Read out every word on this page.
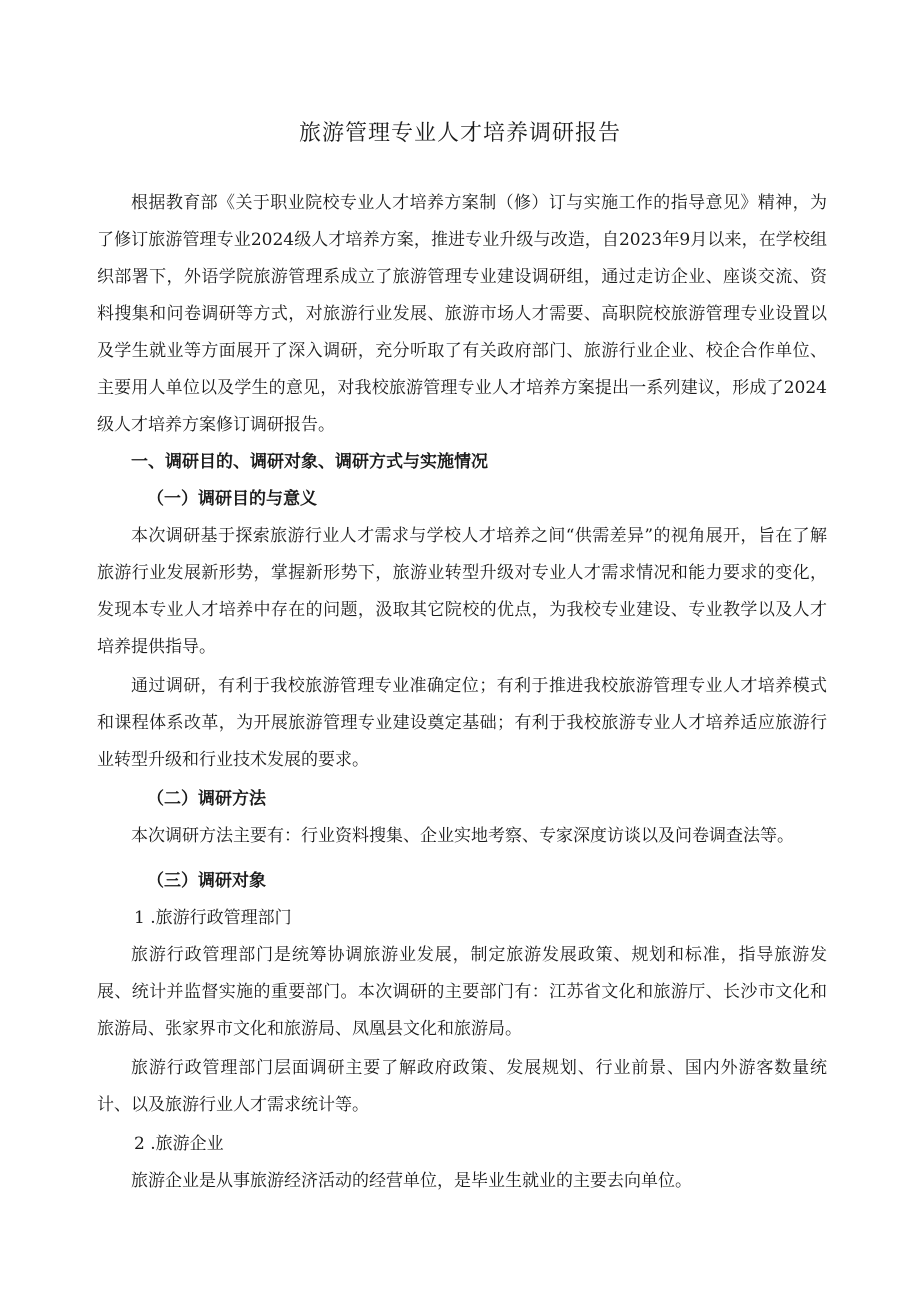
旅游管理专业人才培养调研报告

根据教育部《关于职业院校专业人才培养方案制（修）订与实施工作的指导意见》精神，为了修订旅游管理专业2024级人才培养方案，推进专业升级与改造，自2023年9月以来，在学校组织部署下，外语学院旅游管理系成立了旅游管理专业建设调研组，通过走访企业、座谈交流、资料搜集和问卷调研等方式，对旅游行业发展、旅游市场人才需要、高职院校旅游管理专业设置以及学生就业等方面展开了深入调研，充分听取了有关政府部门、旅游行业企业、校企合作单位、主要用人单位以及学生的意见，对我校旅游管理专业人才培养方案提出一系列建议，形成了2024级人才培养方案修订调研报告。

一、调研目的、调研对象、调研方式与实施情况

（一）调研目的与意义

本次调研基于探索旅游行业人才需求与学校人才培养之间“供需差异”的视角展开，旨在了解旅游行业发展新形势，掌握新形势下，旅游业转型升级对专业人才需求情况和能力要求的变化，发现本专业人才培养中存在的问题，汲取其它院校的优点，为我校专业建设、专业教学以及人才培养提供指导。

通过调研，有利于我校旅游管理专业准确定位；有利于推进我校旅游管理专业人才培养模式和课程体系改革，为开展旅游管理专业建设奠定基础；有利于我校旅游专业人才培养适应旅游行业转型升级和行业技术发展的要求。

（二）调研方法

本次调研方法主要有：行业资料搜集、企业实地考察、专家深度访谈以及问卷调查法等。

（三）调研对象

1 .旅游行政管理部门

旅游行政管理部门是统筹协调旅游业发展，制定旅游发展政策、规划和标准，指导旅游发展、统计并监督实施的重要部门。本次调研的主要部门有：江苏省文化和旅游厅、长沙市文化和旅游局、张家界市文化和旅游局、凤凰县文化和旅游局。

旅游行政管理部门层面调研主要了解政府政策、发展规划、行业前景、国内外游客数量统计、以及旅游行业人才需求统计等。

2 .旅游企业

旅游企业是从事旅游经济活动的经营单位，是毕业生就业的主要去向单位。
